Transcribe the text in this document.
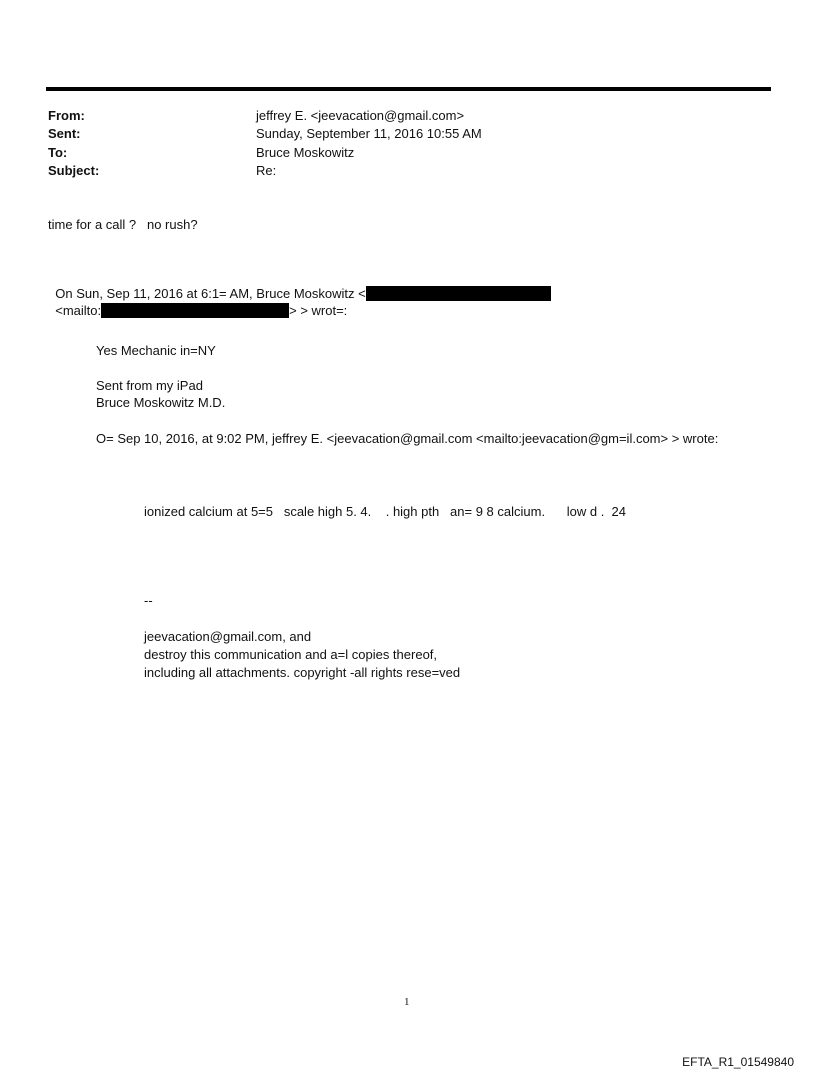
From:	jeffrey E. <jeevacation@gmail.com>
Sent:	Sunday, September 11, 2016 10:55 AM
To:	Bruce Moskowitz
Subject:	Re:
time for a call ?   no rush?

On Sun, Sep 11, 2016 at 6:1= AM, Bruce Moskowitz <

<mailto:	> > wrot=:

Yes Mechanic in=NY
Sent from my iPad
Bruce Moskowitz M.D.
O= Sep 10, 2016, at 9:02 PM, jeffrey E. <jeevacation@gmail.com <mailto:jeevacation@gm=il.com> > wrote:
ionized calcium at 5=5   scale high 5. 4.    . high pth   an= 9 8 calcium.      low d .  24
--
jeevacation@gmail.com, and
destroy this communication and a=l copies thereof,
including all attachments. copyright -all rights rese=ved
1
EFTA_R1_01549840
